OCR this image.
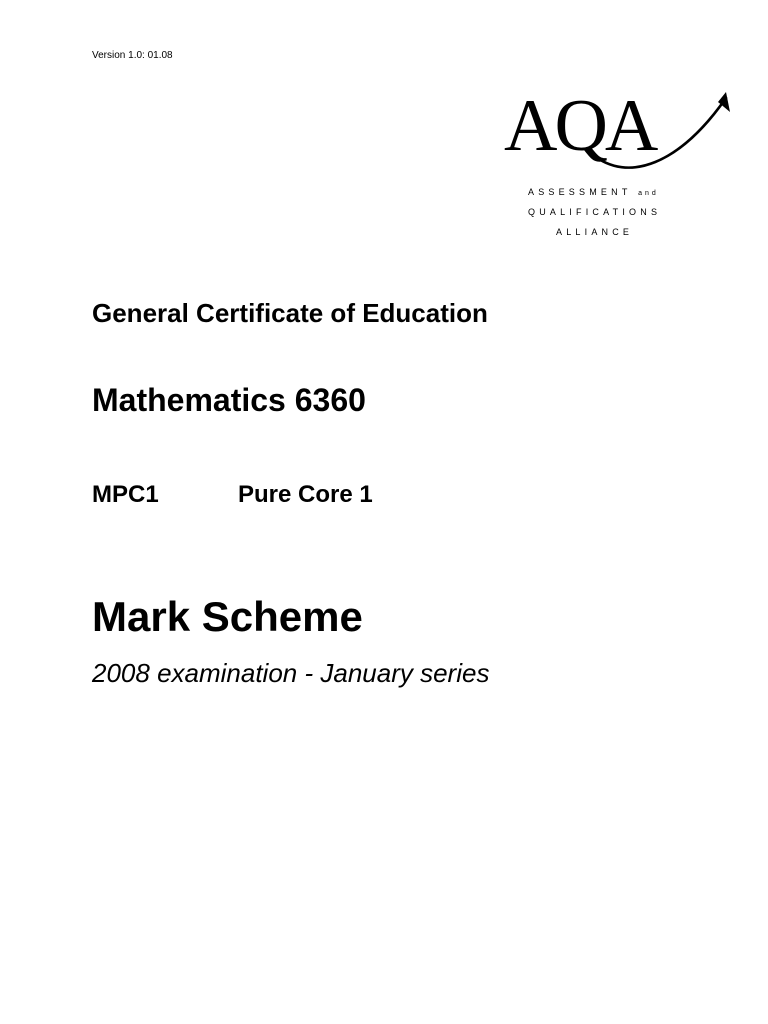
Version 1.0: 01.08
AQA
ASSESSMENT and
QUALIFICATIONS
ALLIANCE
General Certificate of Education
Mathematics 6360
MPC1	Pure Core 1
Mark Scheme
2008 examination - January series
